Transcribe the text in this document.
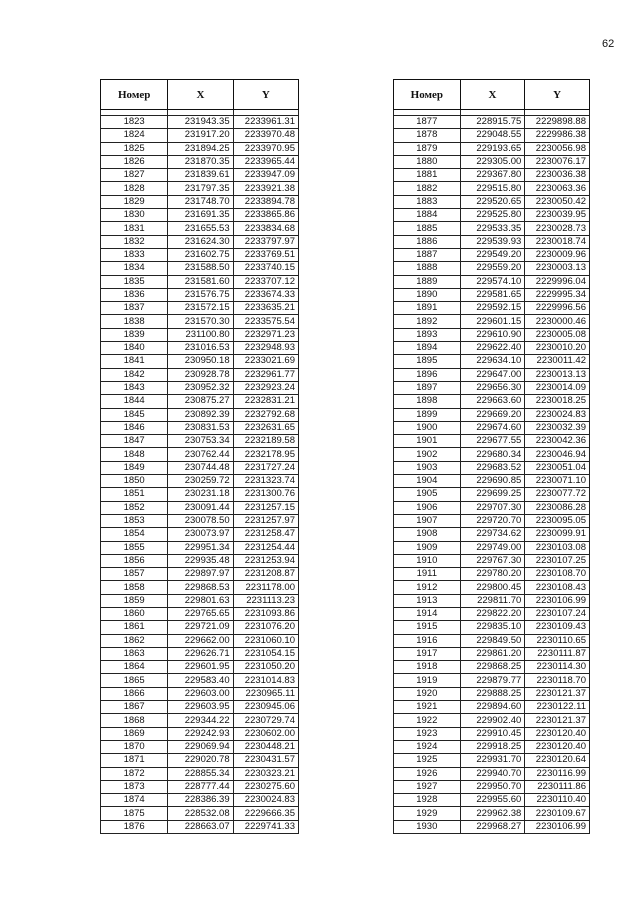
62
Номер	X	Y

1823	231943.35	2233961.31
1824	231917.20	2233970.48
1825	231894.25	2233970.95
1826	231870.35	2233965.44
1827	231839.61	2233947.09
1828	231797.35	2233921.38
1829	231748.70	2233894.78
1830	231691.35	2233865.86
1831	231655.53	2233834.68
1832	231624.30	2233797.97
1833	231602.75	2233769.51
1834	231588.50	2233740.15
1835	231581.60	2233707.12
1836	231576.75	2233674.33
1837	231572.15	2233635.21
1838	231570.30	2233575.54
1839	231100.80	2232971.23
1840	231016.53	2232948.93
1841	230950.18	2233021.69
1842	230928.78	2232961.77
1843	230952.32	2232923.24
1844	230875.27	2232831.21
1845	230892.39	2232792.68
1846	230831.53	2232631.65
1847	230753.34	2232189.58
1848	230762.44	2232178.95
1849	230744.48	2231727.24
1850	230259.72	2231323.74
1851	230231.18	2231300.76
1852	230091.44	2231257.15
1853	230078.50	2231257.97
1854	230073.97	2231258.47
1855	229951.34	2231254.44
1856	229935.48	2231253.94
1857	229897.97	2231208.87
1858	229868.53	2231178.00
1859	229801.63	2231113.23
1860	229765.65	2231093.86
1861	229721.09	2231076.20
1862	229662.00	2231060.10
1863	229626.71	2231054.15
1864	229601.95	2231050.20
1865	229583.40	2231014.83
1866	229603.00	2230965.11
1867	229603.95	2230945.06
1868	229344.22	2230729.74
1869	229242.93	2230602.00
1870	229069.94	2230448.21
1871	229020.78	2230431.57
1872	228855.34	2230323.21
1873	228777.44	2230275.60
1874	228386.39	2230024.83
1875	228532.08	2229666.35
1876	228663.07	2229741.33
Номер	X	Y

1877	228915.75	2229898.88
1878	229048.55	2229986.38
1879	229193.65	2230056.98
1880	229305.00	2230076.17
1881	229367.80	2230036.38
1882	229515.80	2230063.36
1883	229520.65	2230050.42
1884	229525.80	2230039.95
1885	229533.35	2230028.73
1886	229539.93	2230018.74
1887	229549.20	2230009.96
1888	229559.20	2230003.13
1889	229574.10	2229996.04
1890	229581.65	2229995.34
1891	229592.15	2229996.56
1892	229601.15	2230000.46
1893	229610.90	2230005.08
1894	229622.40	2230010.20
1895	229634.10	2230011.42
1896	229647.00	2230013.13
1897	229656.30	2230014.09
1898	229663.60	2230018.25
1899	229669.20	2230024.83
1900	229674.60	2230032.39
1901	229677.55	2230042.36
1902	229680.34	2230046.94
1903	229683.52	2230051.04
1904	229690.85	2230071.10
1905	229699.25	2230077.72
1906	229707.30	2230086.28
1907	229720.70	2230095.05
1908	229734.62	2230099.91
1909	229749.00	2230103.08
1910	229767.30	2230107.25
1911	229780.20	2230108.70
1912	229800.45	2230108.43
1913	229811.70	2230106.99
1914	229822.20	2230107.24
1915	229835.10	2230109.43
1916	229849.50	2230110.65
1917	229861.20	2230111.87
1918	229868.25	2230114.30
1919	229879.77	2230118.70
1920	229888.25	2230121.37
1921	229894.60	2230122.11
1922	229902.40	2230121.37
1923	229910.45	2230120.40
1924	229918.25	2230120.40
1925	229931.70	2230120.64
1926	229940.70	2230116.99
1927	229950.70	2230111.86
1928	229955.60	2230110.40
1929	229962.38	2230109.67
1930	229968.27	2230106.99
